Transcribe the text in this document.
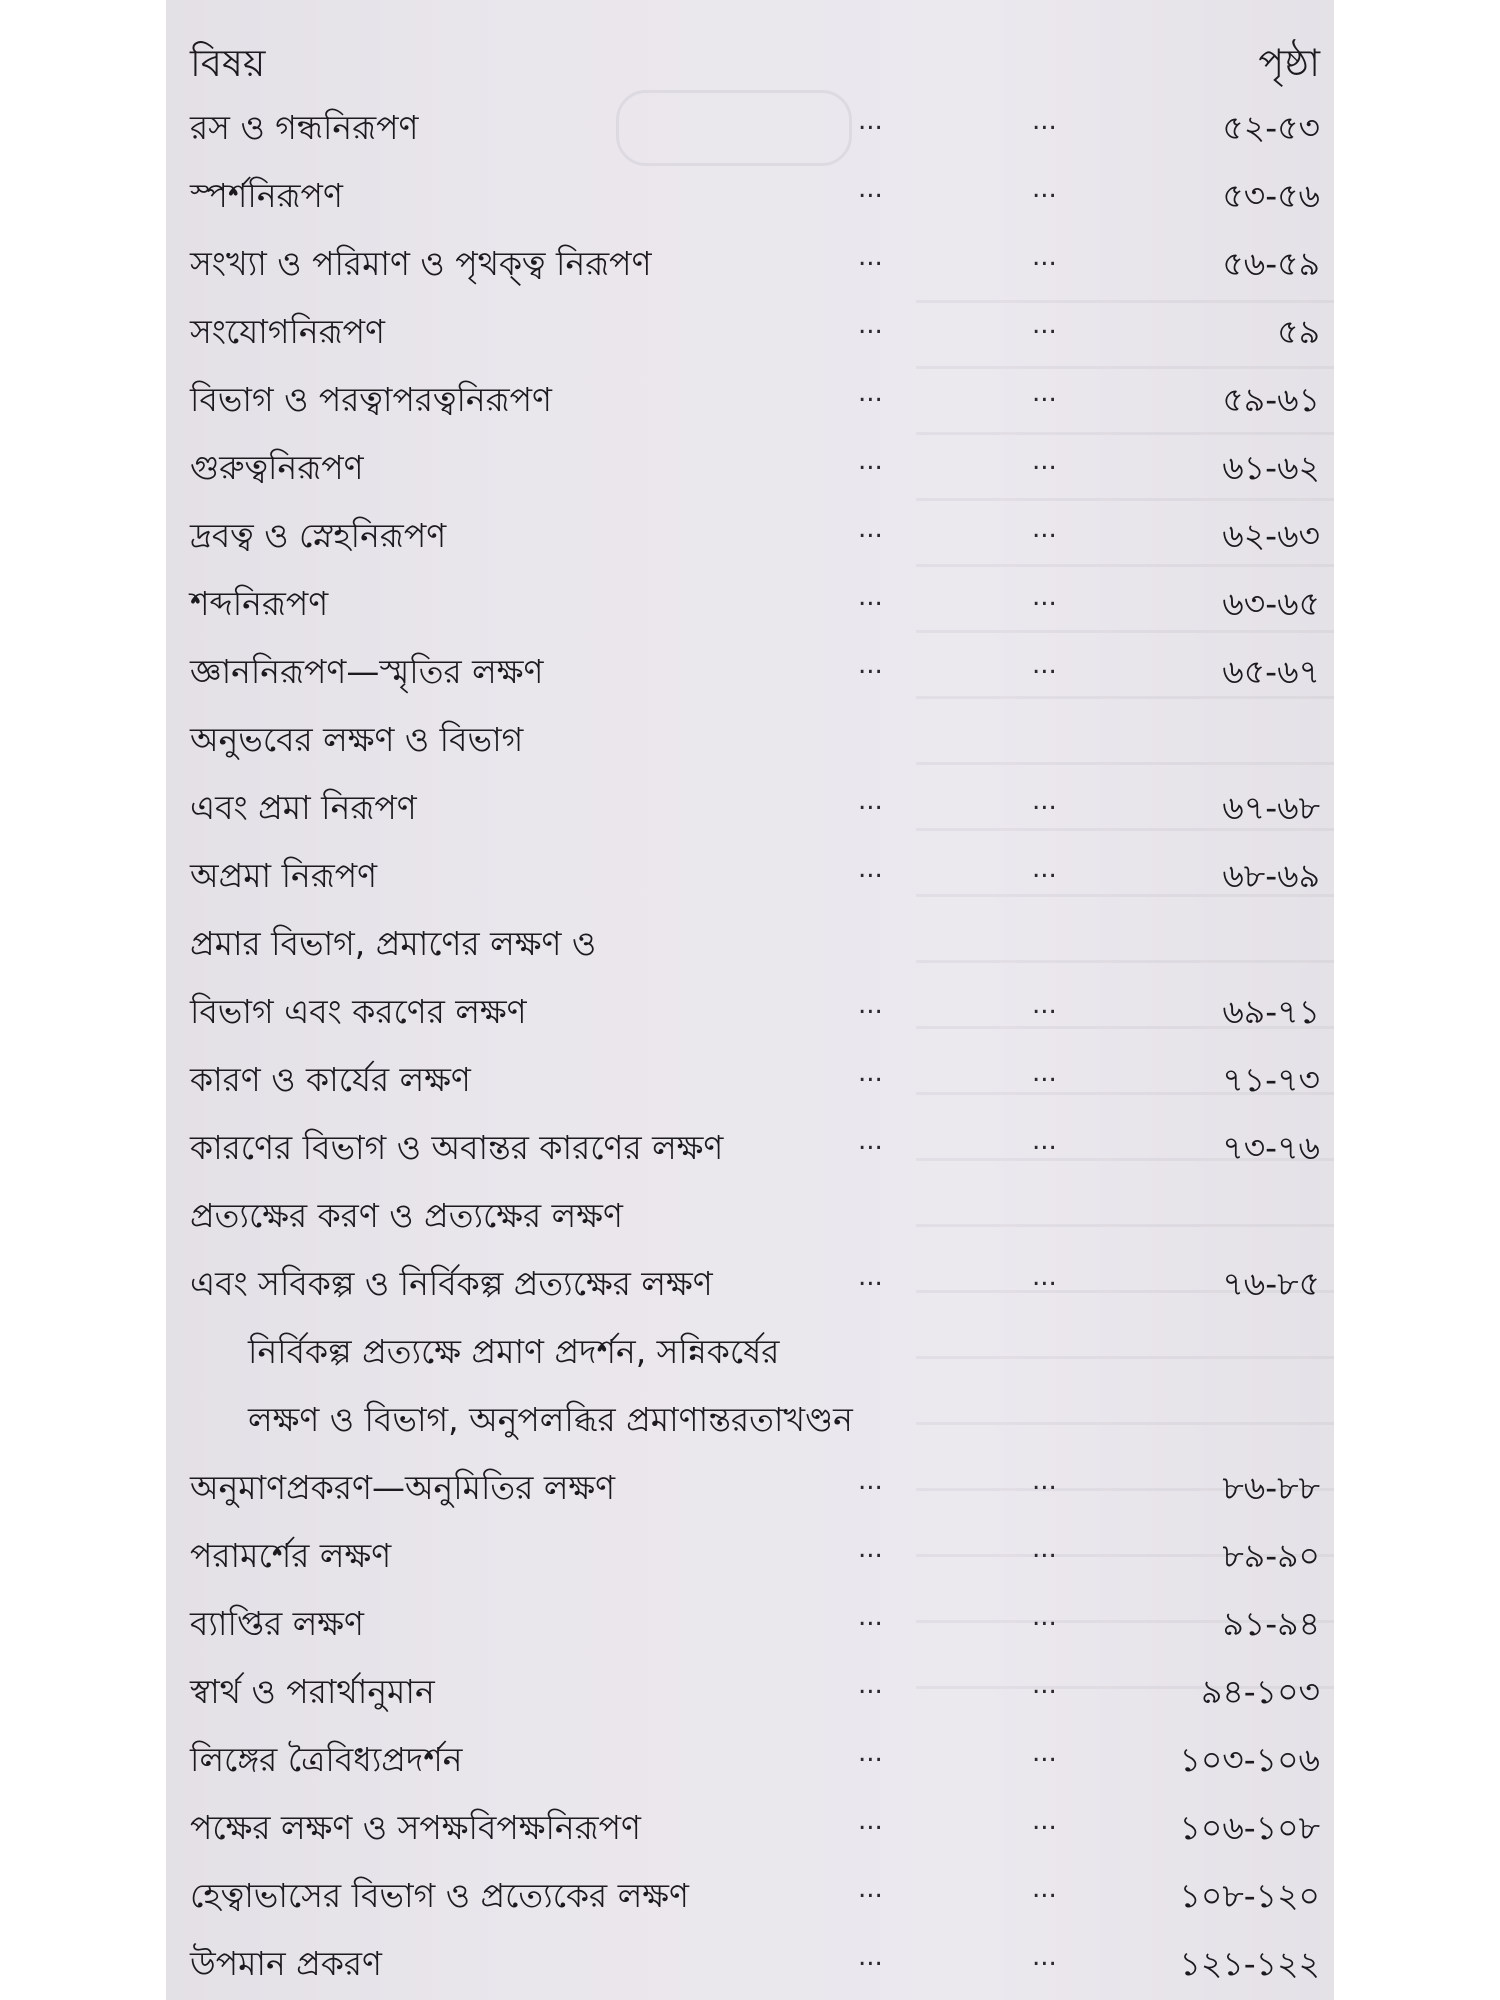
বিষয়	পৃষ্ঠা
রস ও গন্ধনিরূপণ	...	...	৫২-৫৩
স্পর্শনিরূপণ	...	...	৫৩-৫৬
সংখ্যা ও পরিমাণ ও পৃথক্ত্ব নিরূপণ	...	...	৫৬-৫৯
সংযোগনিরূপণ	...	...	৫৯
বিভাগ ও পরত্বাপরত্বনিরূপণ	...	...	৫৯-৬১
গুরুত্বনিরূপণ	...	...	৬১-৬২
দ্রবত্ব ও স্নেহনিরূপণ	...	...	৬২-৬৩
শব্দনিরূপণ	...	...	৬৩-৬৫
জ্ঞাননিরূপণ—স্মৃতির লক্ষণ	...	...	৬৫-৬৭
অনুভবের লক্ষণ ও বিভাগ
এবং প্রমা নিরূপণ	...	...	৬৭-৬৮
অপ্রমা নিরূপণ	...	...	৬৮-৬৯
প্রমার বিভাগ, প্রমাণের লক্ষণ ও
বিভাগ এবং করণের লক্ষণ	...	...	৬৯-৭১
কারণ ও কার্যের লক্ষণ	...	...	৭১-৭৩
কারণের বিভাগ ও অবান্তর কারণের লক্ষণ	...	...	৭৩-৭৬
প্রত্যক্ষের করণ ও প্রত্যক্ষের লক্ষণ
এবং সবিকল্প ও নির্বিকল্প প্রত্যক্ষের লক্ষণ	...	...	৭৬-৮৫
নির্বিকল্প প্রত্যক্ষে প্রমাণ প্রদর্শন, সন্নিকর্ষের
লক্ষণ ও বিভাগ, অনুপলব্ধির প্রমাণান্তরতাখণ্ডন
অনুমাণপ্রকরণ—অনুমিতির লক্ষণ	...	...	৮৬-৮৮
পরামর্শের লক্ষণ	...	...	৮৯-৯০
ব্যাপ্তির লক্ষণ	...	...	৯১-৯৪
স্বার্থ ও পরার্থানুমান	...	...	৯৪-১০৩
লিঙ্গের ত্রৈবিধ্যপ্রদর্শন	...	...	১০৩-১০৬
পক্ষের লক্ষণ ও সপক্ষবিপক্ষনিরূপণ	...	...	১০৬-১০৮
হেত্বাভাসের বিভাগ ও প্রত্যেকের লক্ষণ	...	...	১০৮-১২০
উপমান প্রকরণ	...	...	১২১-১২২
